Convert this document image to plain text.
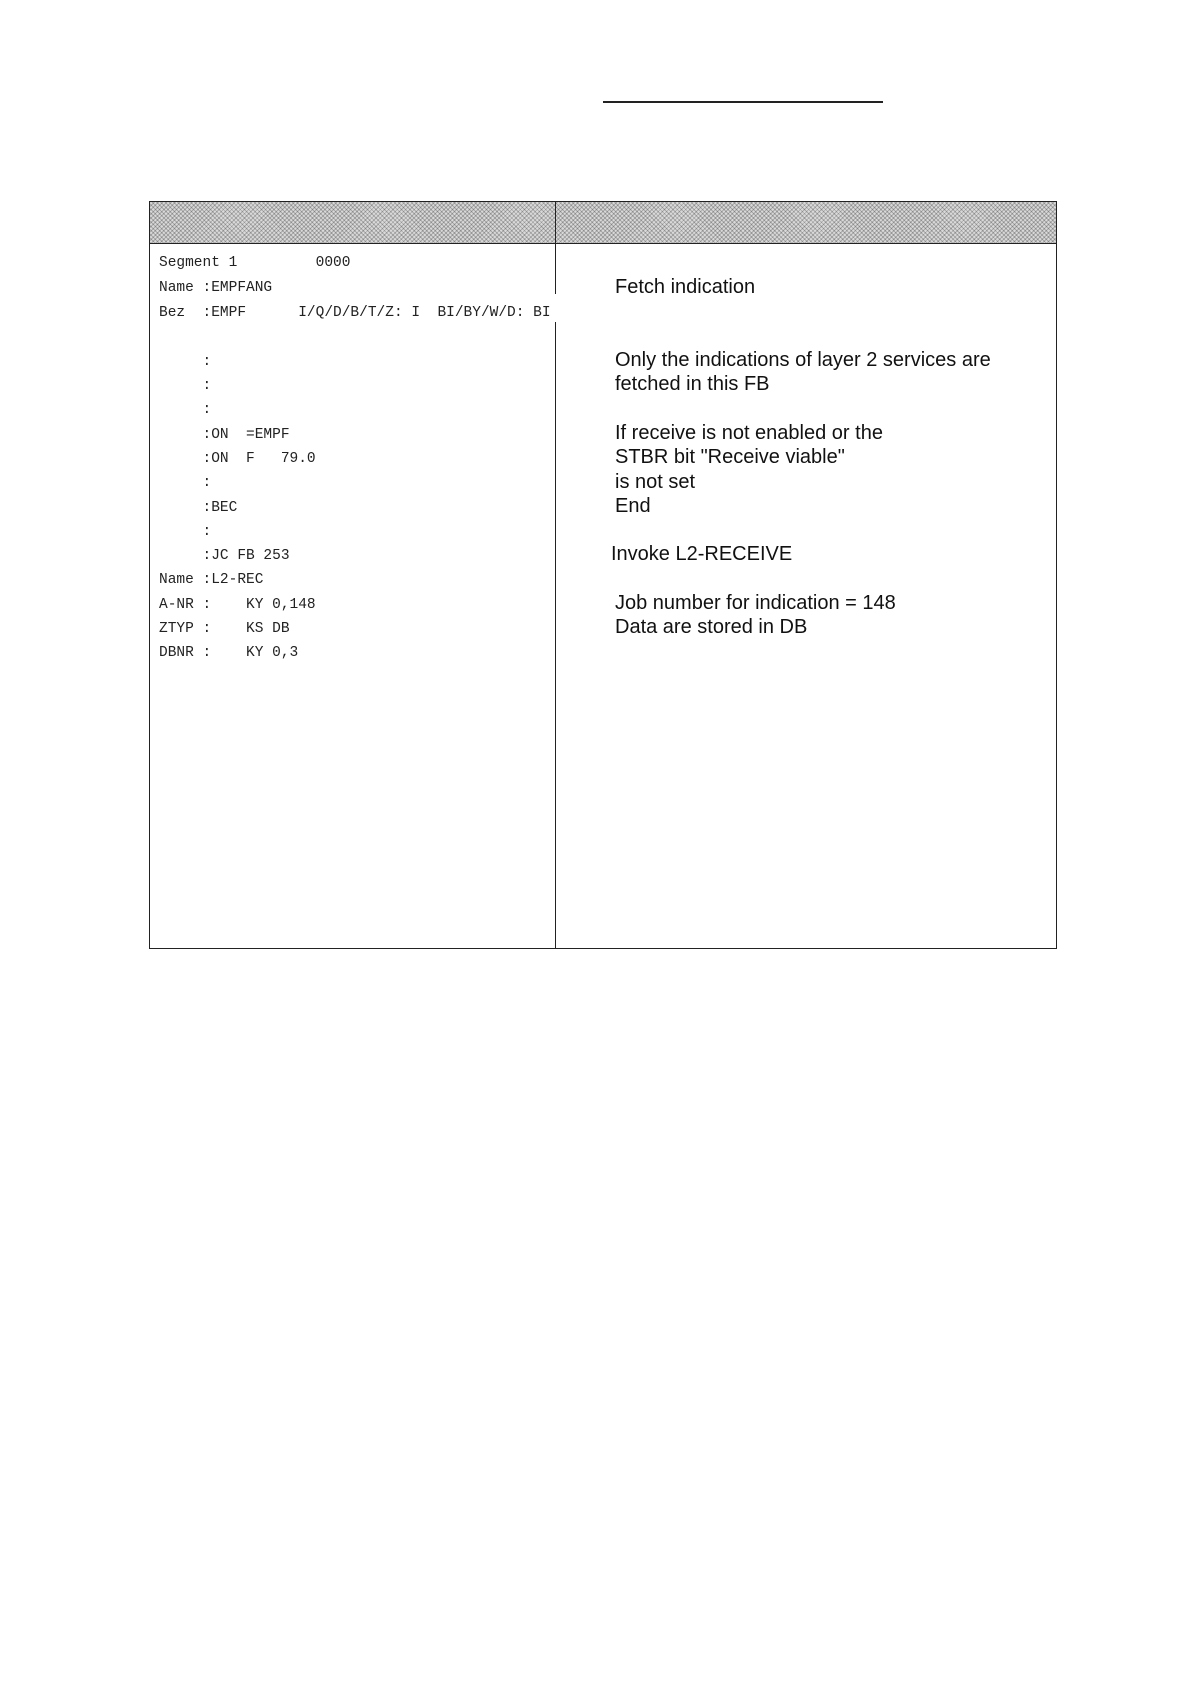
Segment 1         0000
Name :EMPFANG
Bez  :EMPF      I/Q/D/B/T/Z: I  BI/BY/W/D: BI
:
:
:
:ON  =EMPF
:ON  F   79.0
:
:BEC
:
:JC FB 253
Name :L2-REC
A-NR :    KY 0,148
ZTYP :    KS DB
DBNR :    KY 0,3
Fetch indication
Only the indications of layer 2 services are
fetched in this FB
If receive is not enabled or the
STBR bit "Receive viable"
is not set
End
Invoke L2-RECEIVE
Job number for indication = 148
Data are stored in DB
